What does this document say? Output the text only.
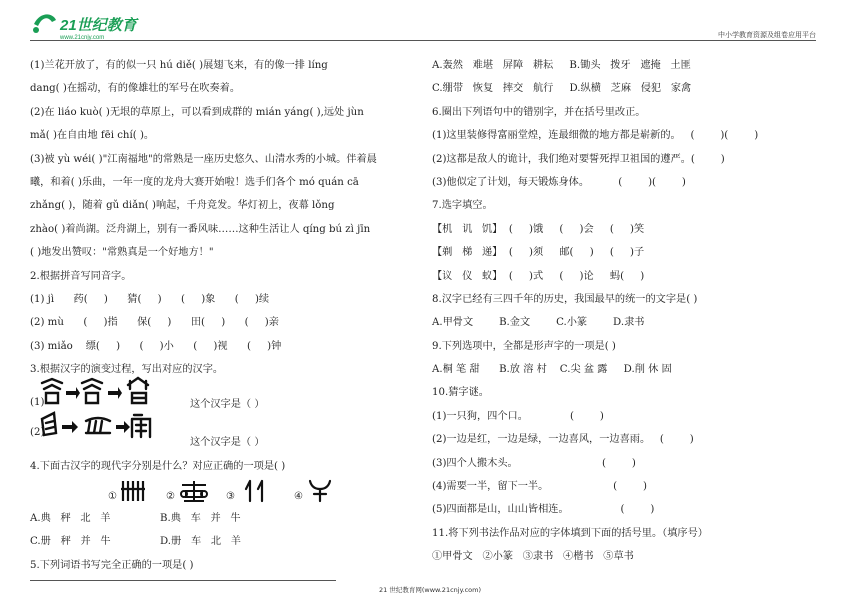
21世纪教育
www.21cnjy.com	中小学教育资源及组卷应用平台
(1)兰花开放了，有的似一只 hú diě( )展翅飞来，有的像一排 líng
dang( )在摇动，有的像雄壮的军号在吹奏着。
(2)在 liáo kuò( )无垠的草原上，可以看到成群的 mián yáng( ),远处 jùn
mǎ( )在自由地 fēi chí( )。
(3)被 yù wéi( )"江南福地"的常熟是一座历史悠久、山清水秀的小城。伴着晨
曦，和着( )乐曲，一年一度的龙舟大赛开始啦！选手们各个 mó quán cā
zhǎng( )，随着 gǔ diǎn( )响起，千舟竞发。华灯初上，夜幕 lǒng
zhào( )着尚湖。泛舟湖上，别有一番风味……这种生活让人 qíng bú zì jīn
( )地发出赞叹："常熟真是一个好地方！"
2.根据拼音写同音字。
(1) jì      药(     )      猜(     )      (     )象      (     )续
(2) mù      (     )指      保(     )      田(     )      (     )亲
(3) miǎo    缥(     )      (     )小      (     )视      (     )钟
3.根据汉字的演变过程，写出对应的汉字。
(1)	这个汉字是（ ）
(2)
这个汉字是（ ）
4.下面古汉字的现代字分别是什么？对应正确的一项是( )
①	②	③	④
A.典   秤   北   羊	B.典   车   并   牛
C.册   秤   并   牛	D.册   车   北   羊
5.下列词语书写完全正确的一项是( )
A.轰然   难堪   屏障   耕耘     B.锄头   拨牙   遮掩   土匪
C.绷带   恢复   摔交   航行     D.纵横   芝麻   侵犯   家禽
6.圈出下列语句中的错别字，并在括号里改正。
(1)这里装修得富丽堂煌，连最细微的地方都是崭新的。   (        )(        )
(2)这都是敌人的诡计，我们绝对要誓死捍卫祖国的遵严。(        )
(3)他似定了计划，每天锻炼身体。         (        )(        )
7.选字填空。
【机   讥   饥】  (     )饿     (     )会     (     )笑
【剃   梯   递】  (     )须     邮(     )     (     )子
【议   仪   蚁】  (     )式     (     )论     蚂(     )
8.汉字已经有三四千年的历史，我国最早的统一的文字是( )
A.甲骨文        B.金文        C.小篆        D.隶书
9.下列选项中，全都是形声字的一项是( )
A.桐 笔 甜      B.放 溶 村    C.尖 盆 露     D.削 休 固
10.猜字谜。
(1)一只狗，四个口。             (        )
(2)一边是红，一边是绿，一边喜风，一边喜雨。   (        )
(3)四个人搬木头。                          (        )
(4)需要一半，留下一半。                    (        )
(5)四面都是山，山山皆相连。                (        )
11.将下列书法作品对应的字体填到下面的括号里。（填序号）
①甲骨文   ②小篆   ③隶书   ④楷书   ⑤草书
21 世纪教育网(www.21cnjy.com)
